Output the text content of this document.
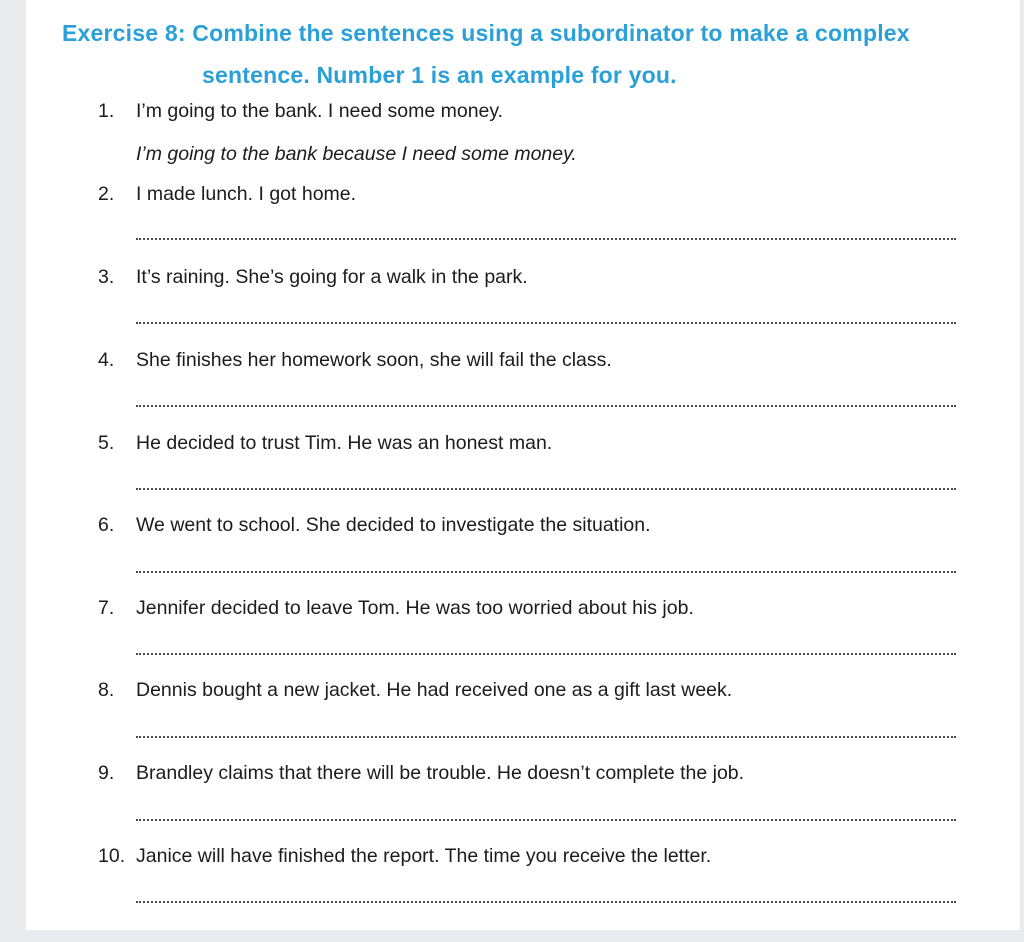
Exercise 8: Combine the sentences using a subordinator to make a complex
sentence. Number 1 is an example for you.
1. I’m going to the bank. I need some money.
I’m going to the bank because I need some money.
2. I made lunch. I got home.
3. It’s raining. She’s going for a walk in the park.
4. She finishes her homework soon, she will fail the class.
5. He decided to trust Tim. He was an honest man.
6. We went to school. She decided to investigate the situation.
7. Jennifer decided to leave Tom. He was too worried about his job.
8. Dennis bought a new jacket. He had received one as a gift last week.
9. Brandley claims that there will be trouble. He doesn’t complete the job.
10. Janice will have finished the report. The time you receive the letter.
